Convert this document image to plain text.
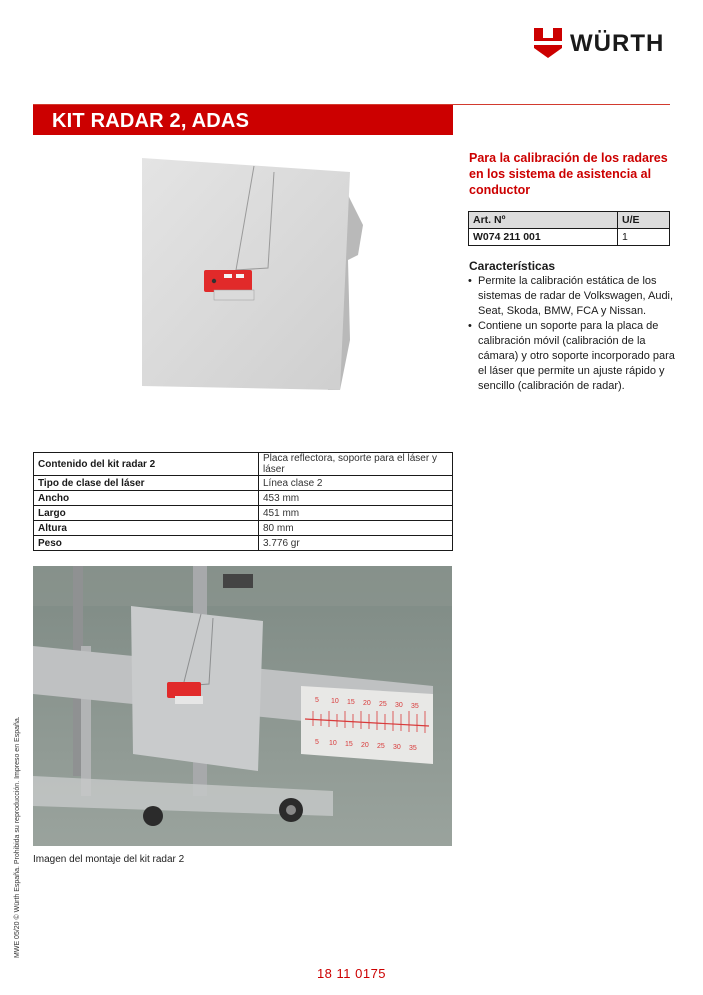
WÜRTH
KIT RADAR 2, ADAS
Para la calibración de los radares en los sistema de asistencia al conductor
Art. Nº	U/E
W074 211 001	1
Características
• Permite la calibración estática de los sistemas de radar de Volkswagen, Audi, Seat, Skoda, BMW, FCA y Nissan.
• Contiene un soporte para la placa de calibración móvil (calibración de la cámara) y otro soporte incorporado para el láser que permite un ajuste rápido y sencillo (calibración de radar).
Contenido del kit radar 2	Placa reflectora, soporte para el láser y láser
Tipo de clase del láser	Línea clase 2
Ancho	453 mm
Largo	451 mm
Altura	80 mm
Peso	3.776 gr
5 10 15 20 25 30 35
5 10 15 20 25 30 35
Imagen del montaje del kit radar 2
MWE 05/20 © Würth España. Prohibida su reproducción. Impreso en España.
18 11 0175
